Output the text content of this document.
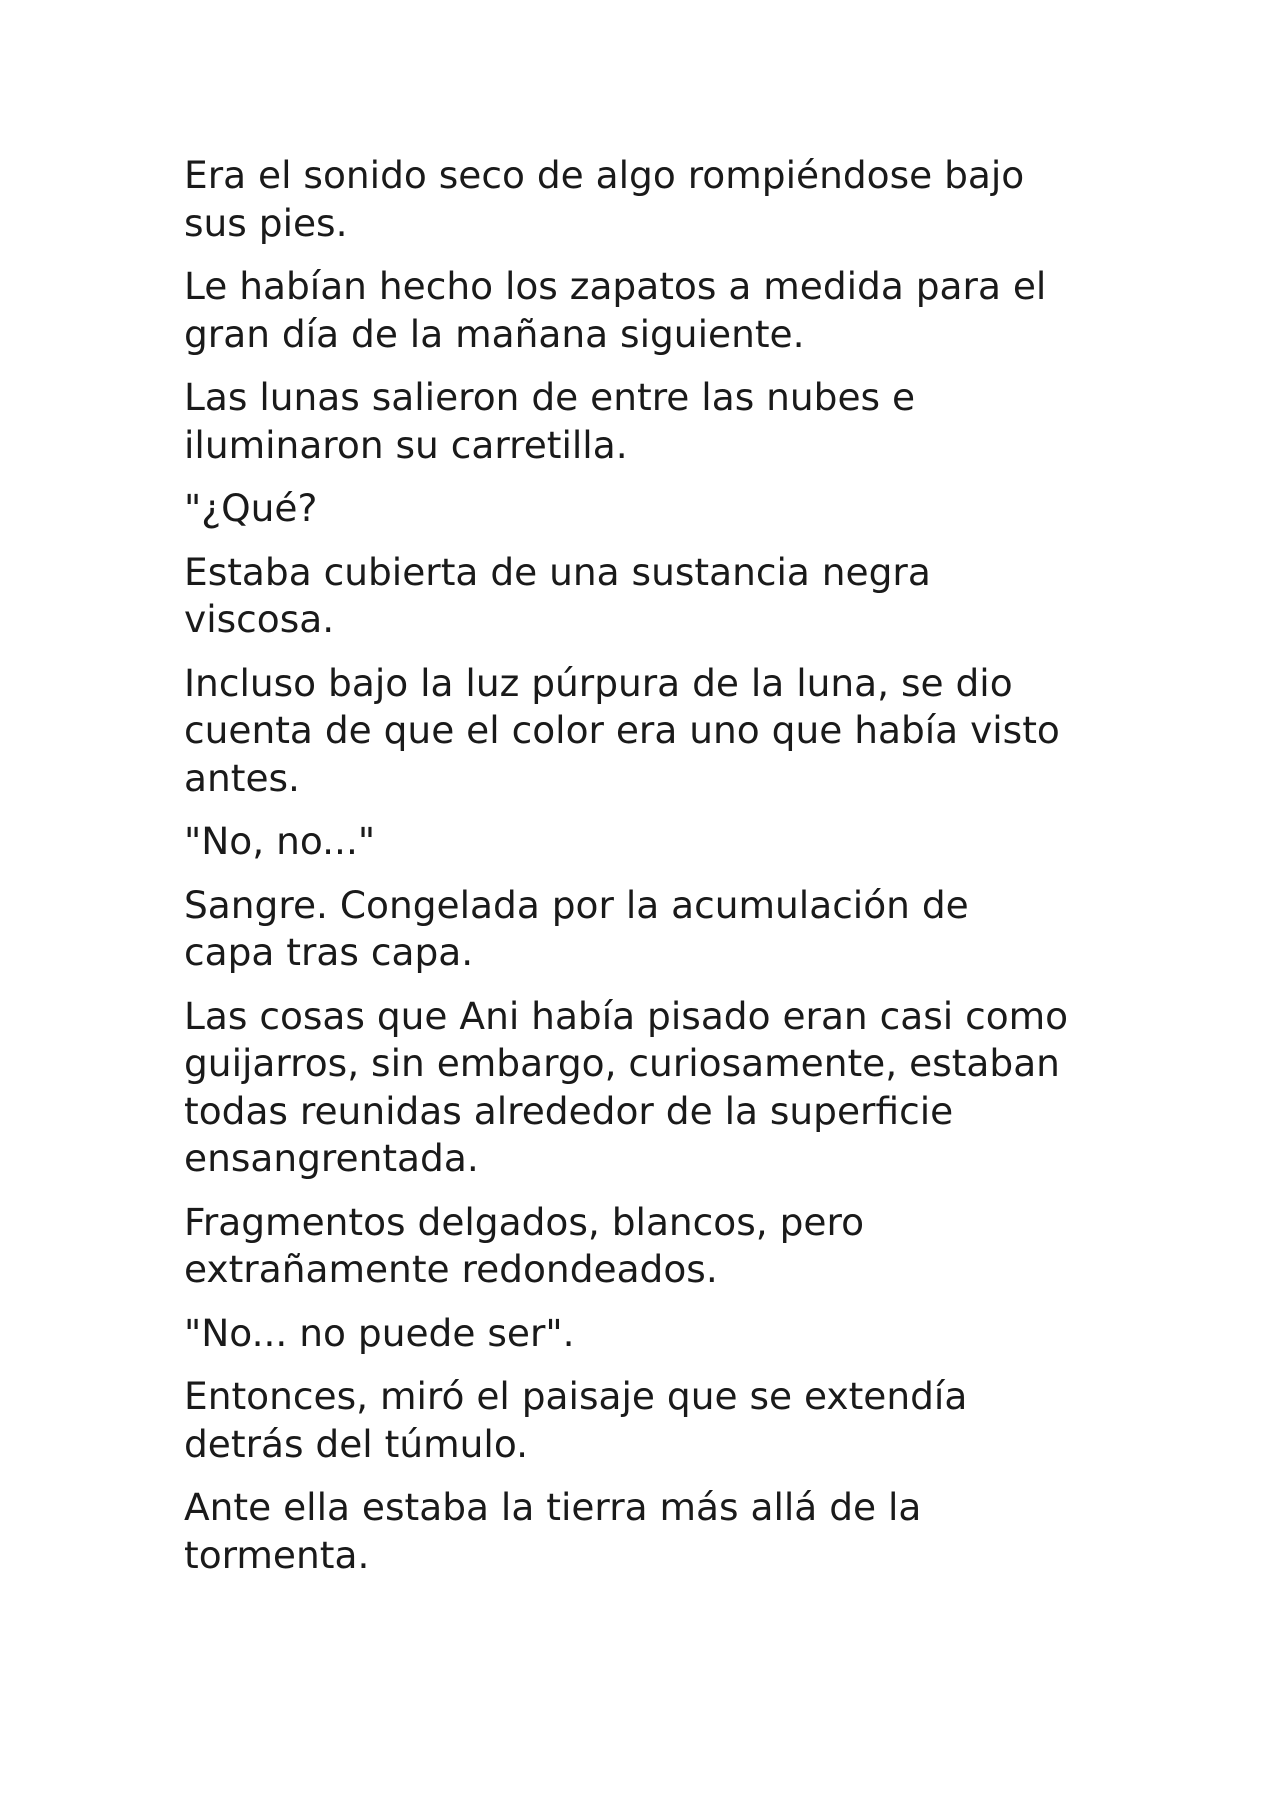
Era el sonido seco de algo rompiéndose bajo
sus pies.

Le habían hecho los zapatos a medida para el
gran día de la mañana siguiente.

Las lunas salieron de entre las nubes e
iluminaron su carretilla.

"¿Qué?

Estaba cubierta de una sustancia negra
viscosa.

Incluso bajo la luz púrpura de la luna, se dio
cuenta de que el color era uno que había visto
antes.

"No, no..."

Sangre. Congelada por la acumulación de
capa tras capa.

Las cosas que Ani había pisado eran casi como
guijarros, sin embargo, curiosamente, estaban
todas reunidas alrededor de la superficie
ensangrentada.

Fragmentos delgados, blancos, pero
extrañamente redondeados.

"No... no puede ser".

Entonces, miró el paisaje que se extendía
detrás del túmulo.

Ante ella estaba la tierra más allá de la
tormenta.
